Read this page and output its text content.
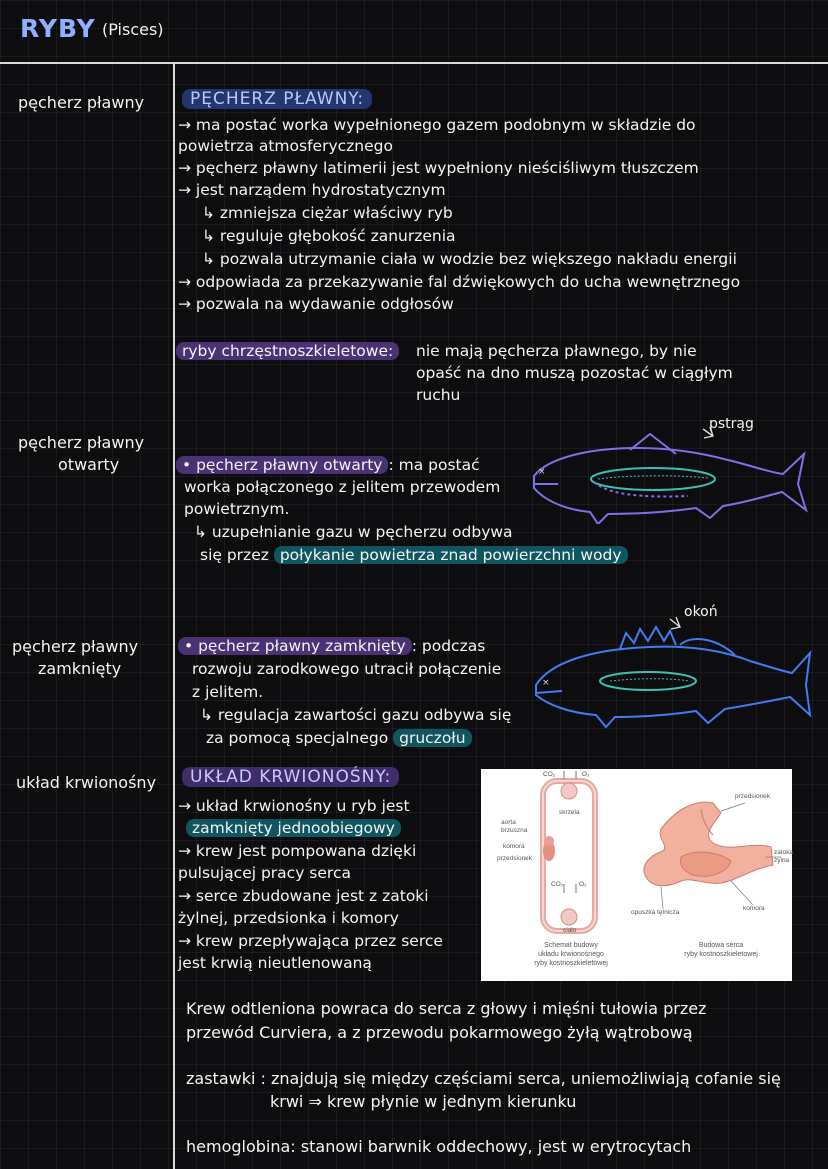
RYBY (Pisces)
pęcherz pławny
pęcherz pławny
otwarty
pęcherz pławny
zamknięty
układ krwionośny
PĘCHERZ PŁAWNY:
→ ma postać worka wypełnionego gazem podobnym w składzie do
powietrza atmosferycznego
→ pęcherz pławny latimerii jest wypełniony nieściśliwym tłuszczem
→ jest narządem hydrostatycznym
↳ zmniejsza ciężar właściwy ryb
↳ reguluje głębokość zanurzenia
↳ pozwala utrzymanie ciała w wodzie bez większego nakładu energii
→ odpowiada za przekazywanie fal dźwiękowych do ucha wewnętrznego
→ pozwala na wydawanie odgłosów
ryby chrzęstnoszkieletowe:	nie mają pęcherza pławnego, by nie
opaść na dno muszą pozostać w ciągłym
ruchu
• pęcherz pławny otwarty : ma postać
worka połączonego z jelitem przewodem
powietrznym.
↳ uzupełnianie gazu w pęcherzu odbywa
się przez połykanie powietrza znad powierzchni wody
×
pstrąg
• pęcherz pławny zamknięty : podczas
rozwoju zarodkowego utracił połączenie
z jelitem.
↳ regulacja zawartości gazu odbywa się
za pomocą specjalnego gruczołu
×
okoń
UKŁAD KRWIONOŚNY:
→ układ krwionośny u ryb jest
zamknięty jednoobiegowy
→ krew jest pompowana dzięki
pulsującej pracy serca
→ serce zbudowane jest z zatoki
żylnej, przedsionka i komory
→ krew przepływająca przez serce
jest krwią nieutlenowaną
CO₂	O₂
skrzela
aorta
brzuszna
komora
przedsionek
CO₂ O₂
ciało
Schemat budowy
układu krwionośnego
ryby kostnoszkieletowej
przedsionek
zatoka
żylna
opuszka tętnicza
komora
Budowa serca
ryby kostnoszkieletowej
Krew odtleniona powraca do serca z głowy i mięśni tułowia przez
przewód Curviera, a z przewodu pokarmowego żyłą wątrobową
zastawki : znajdują się między częściami serca, uniemożliwiają cofanie się
krwi ⇒ krew płynie w jednym kierunku
hemoglobina: stanowi barwnik oddechowy, jest w erytrocytach
